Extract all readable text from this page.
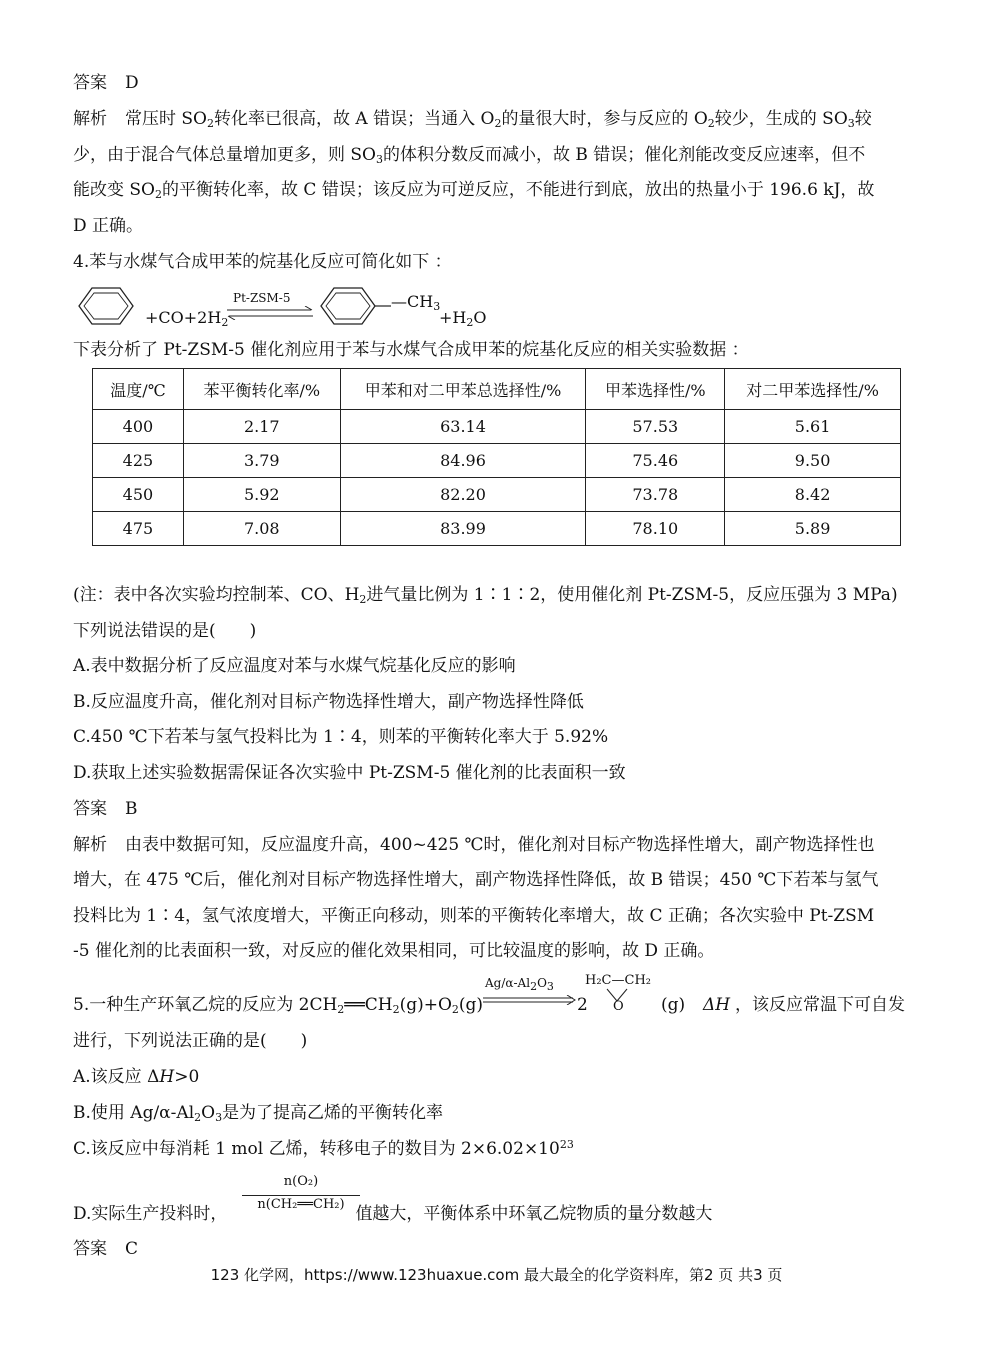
答案 D
解析 常压时 $SO_2$转化率已很高，故 A 错误；当通入 $O_2$的量很大时，参与反应的 $O_2$较少，生成的 $SO_3$较
少，由于混合气体总量增加更多，则 $SO_3$的体积分数反而减小，故 B 错误；催化剂能改变反应速率，但不
能改变 $SO_2$的平衡转化率，故 C 错误；该反应为可逆反应，不能进行到底，放出的热量小于 196.6 kJ，故
D 正确。
4.苯与水煤气合成甲苯的烷基化反应可简化如下 ：
$+CO+2H_2$
Pt-ZSM-5	$—CH_3$
$+H_2O$
下表分析了 Pt-ZSM-5 催化剂应用于苯与水煤气合成甲苯的烷基化反应的相关实验数据 ：
温度/℃	苯平衡转化率/%	甲苯和对二甲苯总选择性/%	甲苯选择性/%	对二甲苯选择性/%
400	2.17	63.14	57.53	5.61
425	3.79	84.96	75.46	9.50
450	5.92	82.20	73.78	8.42
475	7.08	83.99	78.10	5.89
(注：表中各次实验均控制苯、CO、$H_2$进气量比例为 1∶1∶2，使用催化剂 Pt-ZSM-5，反应压强为 3 MPa)
下列说法错误的是(　　)
A.表中数据分析了反应温度对苯与水煤气烷基化反应的影响
B.反应温度升高，催化剂对目标产物选择性增大，副产物选择性降低
C.450 ℃下若苯与氢气投料比为 1∶4，则苯的平衡转化率大于 5.92%
D.获取上述实验数据需保证各次实验中 Pt-ZSM-5 催化剂的比表面积一致
答案 B
解析 由表中数据可知，反应温度升高，400~425 ℃时，催化剂对目标产物选择性增大，副产物选择性也
增大，在 475 ℃后，催化剂对目标产物选择性增大，副产物选择性降低，故 B 错误；450 ℃下若苯与氢气
投料比为 1∶4，氢气浓度增大，平衡正向移动，则苯的平衡转化率增大，故 C 正确；各次实验中 Pt-ZSM
-5 催化剂的比表面积一致，对反应的催化效果相同，可比较温度的影响，故 D 正确。
5.一种生产环氧乙烷的反应为 $2CH_2══CH_2(g)+O_2(g)$
$Ag/\alpha-Al_2O_3$
2
H₂C—CH₂
O (g) ΔH ，该反应常温下可自发
进行，下列说法正确的是(　　)
A.该反应 ΔH>0
B.使用 $Ag/\alpha-Al_2O_3$是为了提高乙烯的平衡转化率
C.该反应中每消耗 1 mol 乙烯，转移电子的数目为 $2\times 6.02\times 10^{23}$
D.实际生产投料时，	值越大，平衡体系中环氧乙烷物质的量分数越大
n(O₂)
n(CH₂══CH₂)
答案 C
123 化学网，https://www.123huaxue.com 最大最全的化学资料库，第2 页 共3 页
